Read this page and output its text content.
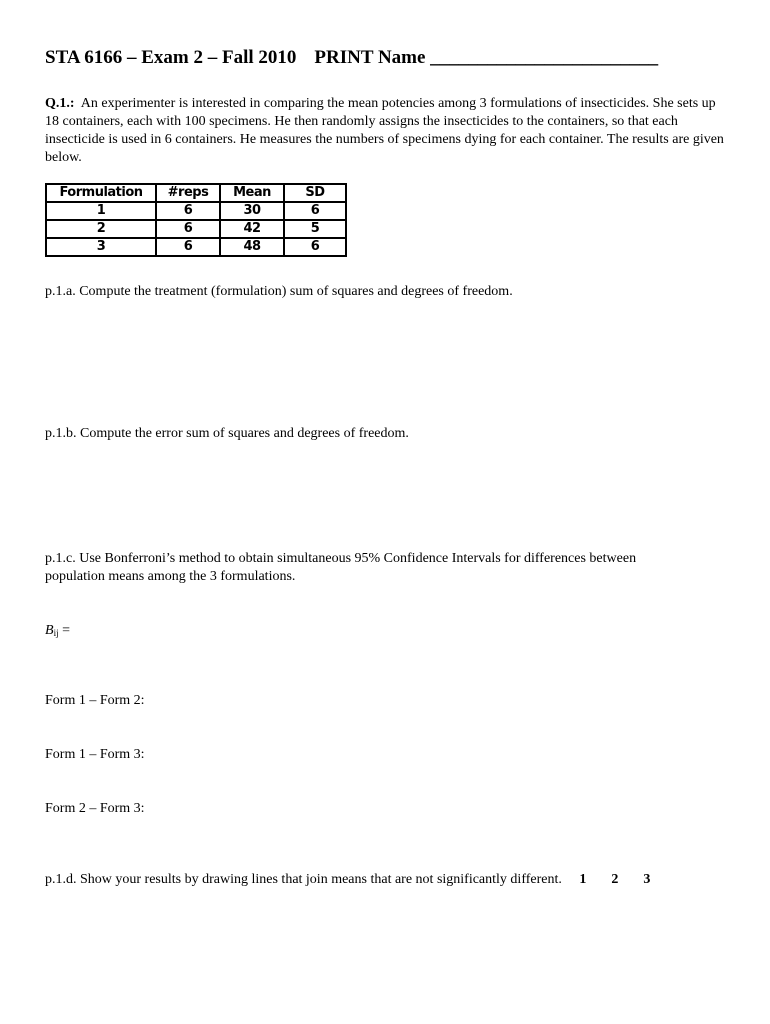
STA 6166 – Exam 2 – Fall 2010 PRINT Name ________________________
Q.1.: An experimenter is interested in comparing the mean potencies among 3 formulations of insecticides. She sets up 18 containers, each with 100 specimens. He then randomly assigns the insecticides to the containers, so that each insecticide is used in 6 containers. He measures the numbers of specimens dying for each container. The results are given below.
Formulation	#reps	Mean	SD
1	6	30	6
2	6	42	5
3	6	48	6
p.1.a. Compute the treatment (formulation) sum of squares and degrees of freedom.
p.1.b. Compute the error sum of squares and degrees of freedom.
p.1.c. Use Bonferroni’s method to obtain simultaneous 95% Confidence Intervals for differences between
population means among the 3 formulations.
$B_{ij}$ =
Form 1 – Form 2:
Form 1 – Form 3:
Form 2 – Form 3:
p.1.d. Show your results by drawing lines that join means that are not significantly different. 1 2 3
